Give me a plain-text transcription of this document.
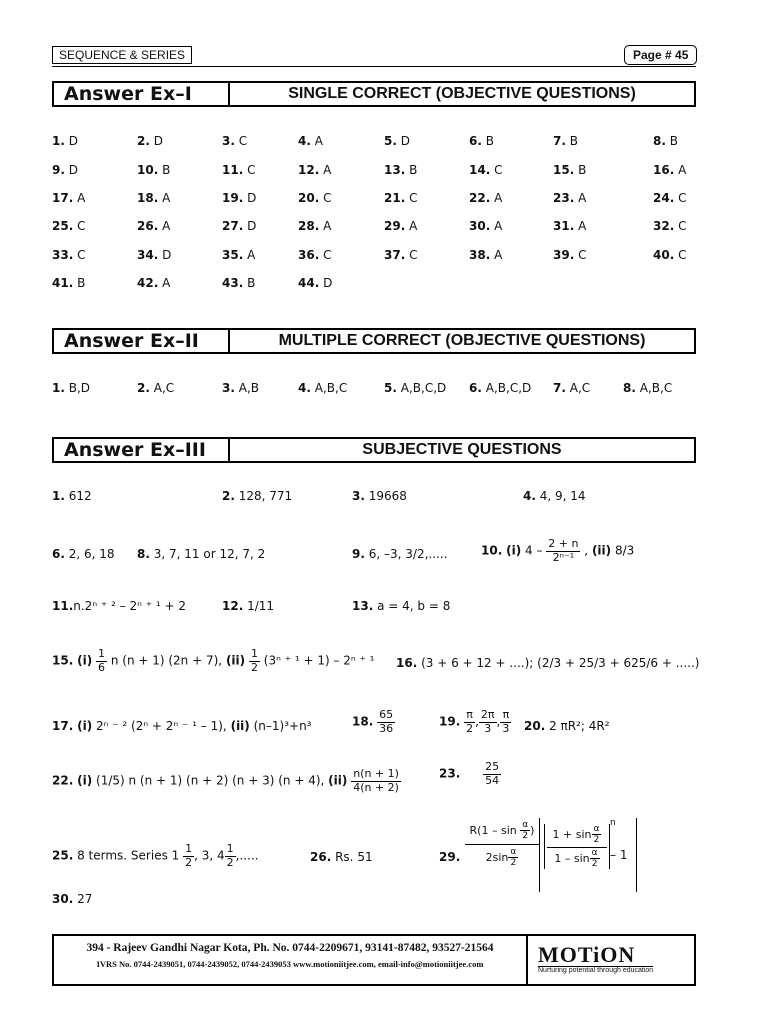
SEQUENCE & SERIES	Page # 45
Answer Ex–I	SINGLE CORRECT (OBJECTIVE QUESTIONS)
1. D	2. D	3. C	4. A	5. D	6. B	7. B	8. B
9. D	10. B	11. C	12. A	13. B	14. C	15. B	16. A
17. A	18. A	19. D	20. C	21. C	22. A	23. A	24. C
25. C	26. A	27. D	28. A	29. A	30. A	31. A	32. C
33. C	34. D	35. A	36. C	37. C	38. A	39. C	40. C
41. B	42. A	43. B	44. D
Answer Ex–II	MULTIPLE CORRECT (OBJECTIVE QUESTIONS)
1. B,D	2. A,C	3. A,B	4. A,B,C	5. A,B,C,D 6. A,B,C,D 7. A,C	8. A,B,C
Answer Ex–III	SUBJECTIVE QUESTIONS
1. 612	2. 128, 771	3. 19668	4. 4, 9, 14
6. 2, 6, 18 8. 3, 7, 11 or 12, 7, 2	9. 6, –3, 3/2,.....	10. (i) $4 - \frac{2 + n}{\text{2ⁿ⁻¹}}$ , (ii) 8/3
11.n.2ⁿ ⁺ ² – 2ⁿ ⁺ ¹ + 2	12. 1/11	13. a = 4, b = 8
15. $(i) \frac{1}{6}$ n (n + 1) (2n + 7), $(ii) \frac{1}{2} (3^n$ ⁺ ¹ + 1) – 2ⁿ ⁺ ¹ 16. (3 + 6 + 12 + ....); (2/3 + 25/3 + 625/6 + .....)
17. (i) 2ⁿ ⁻ ² (2ⁿ + 2ⁿ ⁻ ¹ – 1), (ii) (n–1)³+n³	18. $\frac{65}{36}$	19. $\frac{\pi}{2}$ , $\frac{2\pi}{3}$ , $\frac{\pi}{3} 20$. 2 πR²; 4R²
22. (i) (1/5) n (n + 1) (n + 2) (n + 3) (n + 4), $(ii) \frac{n(n + 1)}{4(n + 2)}$	23. $\frac{25}{54}$
25. 8 terms. Series $1 \frac{1}{2}$ , 3, $4 \frac{1}{2}$ ,.....	26. Rs. 51	29.
$R(1 - \sin \frac{\alpha}{2}$ )
$2\sin \frac{\alpha}{2}$
$1 + \sin \frac{\alpha}{2}$
$1 - \sin \frac{\alpha}{2}$
n
– 1
30. 27
394 - Rajeev Gandhi Nagar Kota, Ph. No. 0744-2209671, 93141-87482, 93527-21564
IVRS No. 0744-2439051, 0744-2439052, 0744-2439053 www.motioniitjee.com, email-info@motioniitjee.com	MOTiON
Nurturing potential through education
